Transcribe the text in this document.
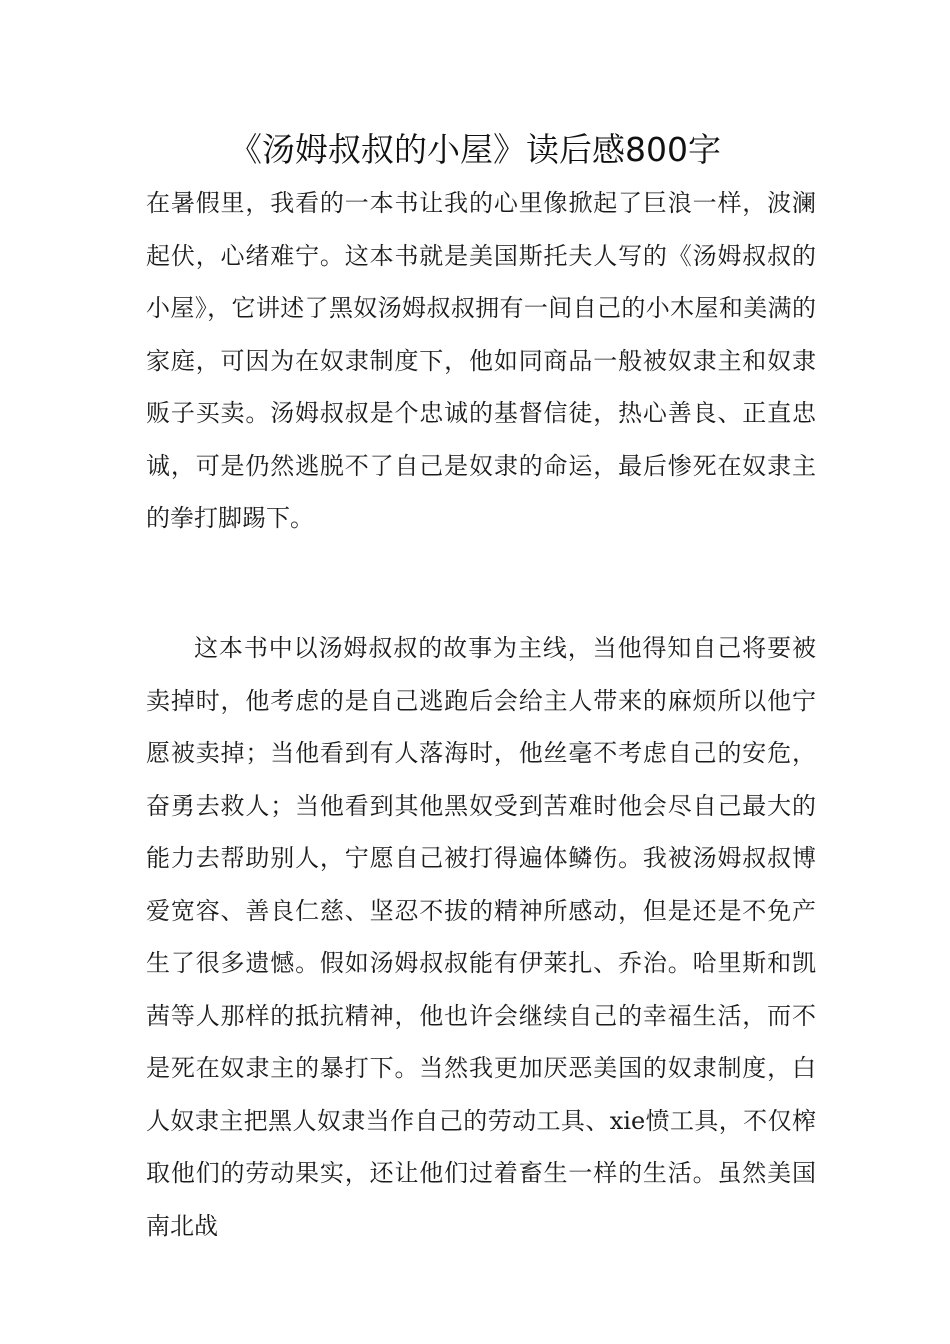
《汤姆叔叔的小屋》读后感800字

在暑假里，我看的一本书让我的心里像掀起了巨浪一样，波澜起伏，心绪难宁。这本书就是美国斯托夫人写的《汤姆叔叔的小屋》，它讲述了黑奴汤姆叔叔拥有一间自己的小木屋和美满的家庭，可因为在奴隶制度下，他如同商品一般被奴隶主和奴隶贩子买卖。汤姆叔叔是个忠诚的基督信徒，热心善良、正直忠诚，可是仍然逃脱不了自己是奴隶的命运，最后惨死在奴隶主的拳打脚踢下。

这本书中以汤姆叔叔的故事为主线，当他得知自己将要被卖掉时，他考虑的是自己逃跑后会给主人带来的麻烦所以他宁愿被卖掉；当他看到有人落海时，他丝毫不考虑自己的安危，奋勇去救人；当他看到其他黑奴受到苦难时他会尽自己最大的能力去帮助别人，宁愿自己被打得遍体鳞伤。我被汤姆叔叔博爱宽容、善良仁慈、坚忍不拔的精神所感动，但是还是不免产生了很多遗憾。假如汤姆叔叔能有伊莱扎、乔治。哈里斯和凯茜等人那样的抵抗精神，他也许会继续自己的幸福生活，而不是死在奴隶主的暴打下。当然我更加厌恶美国的奴隶制度，白人奴隶主把黑人奴隶当作自己的劳动工具、xie愤工具，不仅榨取他们的劳动果实，还让他们过着畜生一样的生活。虽然美国南北战
